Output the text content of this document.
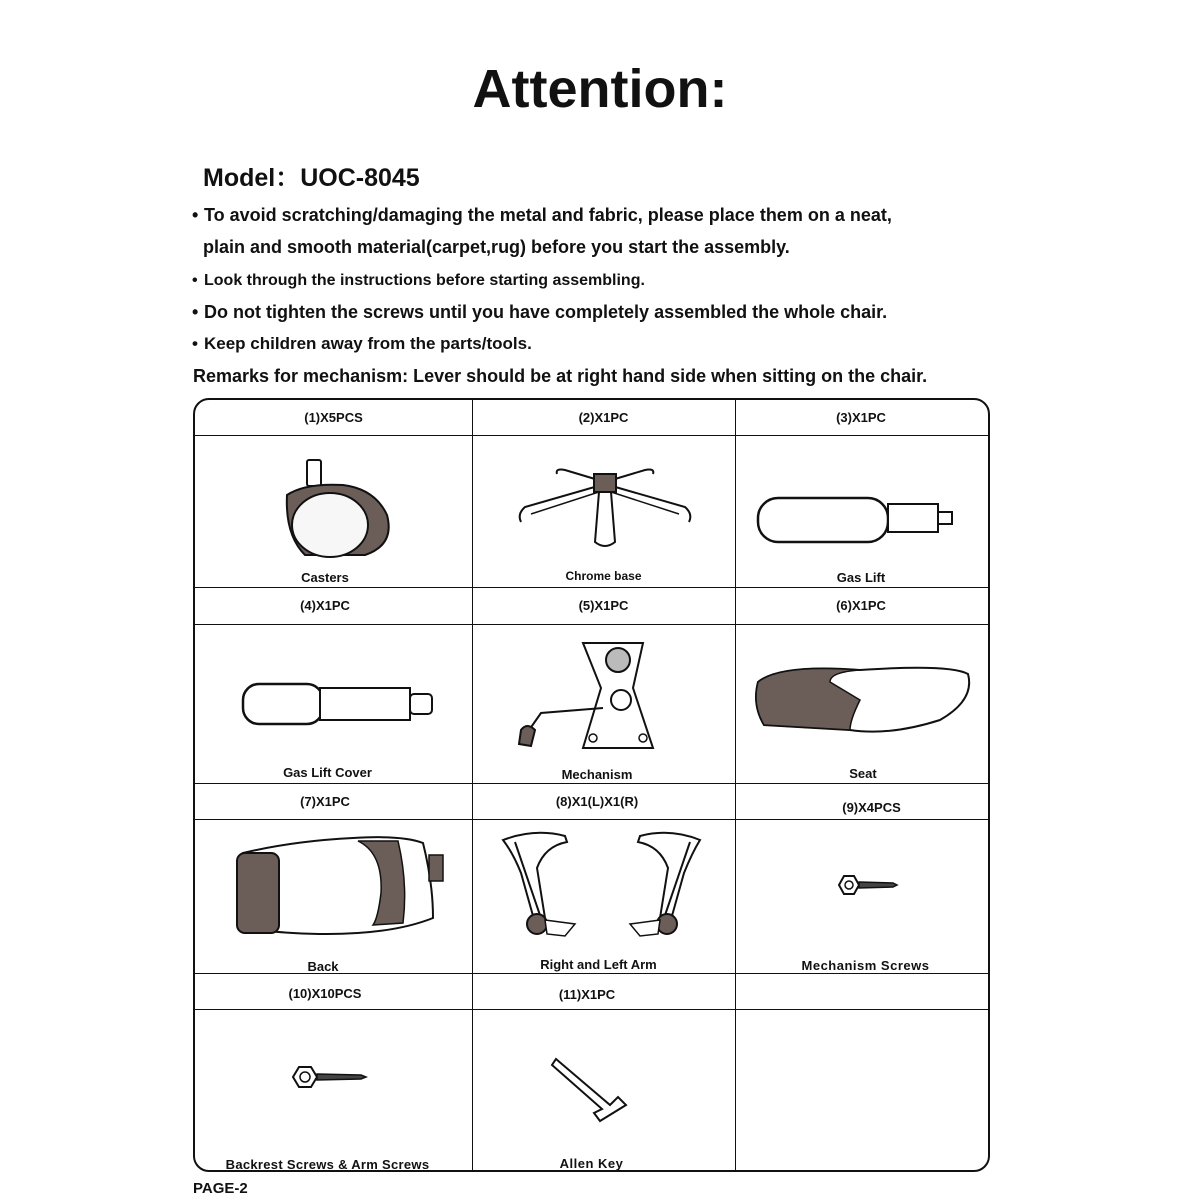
Attention:
Model：UOC-8045
• To avoid scratching/damaging the metal and fabric, please place them on a neat,
plain and smooth material(carpet,rug) before you start the assembly.
• Look through the instructions before starting assembling.
• Do not tighten the screws until you have completely assembled the whole chair.
• Keep children away from the parts/tools.
Remarks for mechanism: Lever should be at right hand side when sitting on the chair.
(1)X5PCS	(2)X1PC	(3)X1PC
Casters	Chrome base	Gas Lift
(4)X1PC	(5)X1PC	(6)X1PC
Gas Lift Cover	Mechanism	Seat
(7)X1PC	(8)X1(L)X1(R)	(9)X4PCS
Back	Right and Left Arm	Mechanism Screws
(10)X10PCS	(11)X1PC
Backrest Screws & Arm Screws	Allen Key
PAGE-2
